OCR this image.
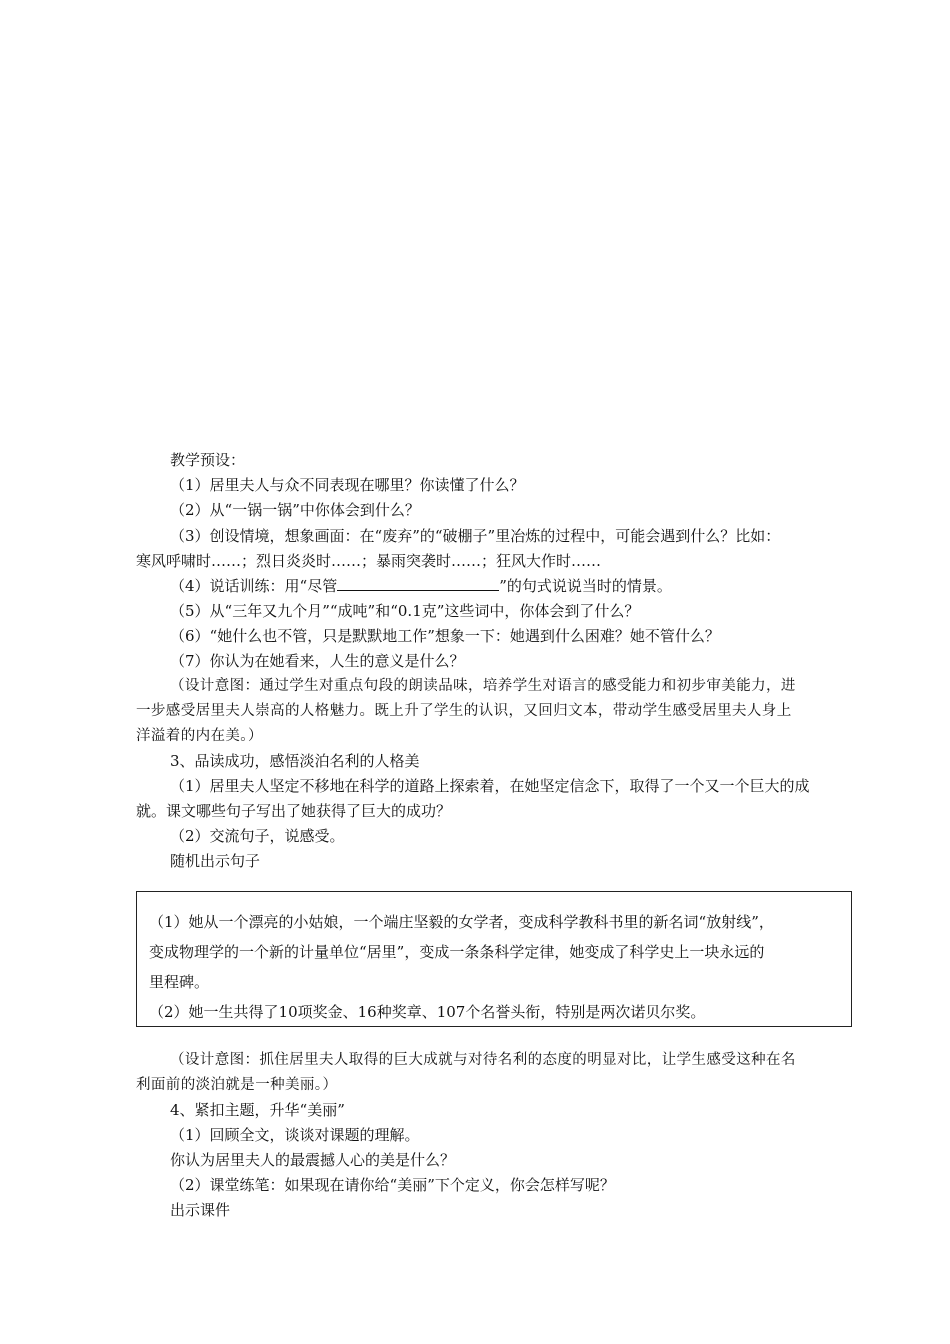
教学预设：
（1）居里夫人与众不同表现在哪里？你读懂了什么？
（2）从“一锅一锅”中你体会到什么？
（3）创设情境，想象画面：在“废弃”的“破棚子”里冶炼的过程中，可能会遇到什么？比如：
寒风呼啸时……；烈日炎炎时……；暴雨突袭时……；狂风大作时……
（4）说话训练：用“尽管	”的句式说说当时的情景。
（5）从“三年又九个月”“成吨”和“0.1克”这些词中，你体会到了什么？
（6）“她什么也不管，只是默默地工作”想象一下：她遇到什么困难？她不管什么？
（7）你认为在她看来，人生的意义是什么？
（设计意图：通过学生对重点句段的朗读品味，培养学生对语言的感受能力和初步审美能力，进
一步感受居里夫人崇高的人格魅力。既上升了学生的认识，又回归文本，带动学生感受居里夫人身上
洋溢着的内在美。）
3、品读成功，感悟淡泊名利的人格美
（1）居里夫人坚定不移地在科学的道路上探索着，在她坚定信念下，取得了一个又一个巨大的成
就。课文哪些句子写出了她获得了巨大的成功？
（2）交流句子，说感受。
随机出示句子
（1）她从一个漂亮的小姑娘，一个端庄坚毅的女学者，变成科学教科书里的新名词“放射线”，
变成物理学的一个新的计量单位“居里”，变成一条条科学定律，她变成了科学史上一块永远的
里程碑。
（2）她一生共得了10项奖金、16种奖章、107个名誉头衔，特别是两次诺贝尔奖。
（设计意图：抓住居里夫人取得的巨大成就与对待名利的态度的明显对比，让学生感受这种在名
利面前的淡泊就是一种美丽。）
4、紧扣主题，升华“美丽”
（1）回顾全文，谈谈对课题的理解。
你认为居里夫人的最震撼人心的美是什么？
（2）课堂练笔：如果现在请你给“美丽”下个定义，你会怎样写呢？
出示课件
